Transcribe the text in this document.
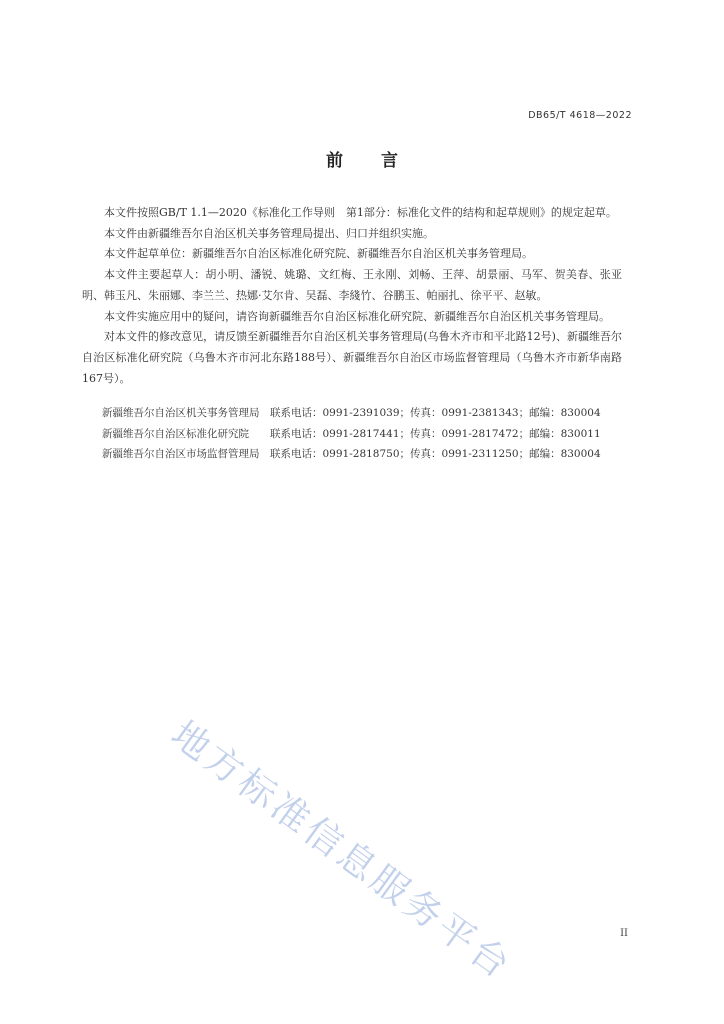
DB65/T 4618—2022
前言

本文件按照GB/T 1.1—2020《标准化工作导则　第1部分：标准化文件的结构和起草规则》的规定起草。

本文件由新疆维吾尔自治区机关事务管理局提出、归口并组织实施。

本文件起草单位：新疆维吾尔自治区标准化研究院、新疆维吾尔自治区机关事务管理局。

本文件主要起草人：胡小明、潘锐、姚璐、文红梅、王永刚、刘畅、王萍、胡景丽、马军、贺美春、张亚明、韩玉凡、朱丽娜、李兰兰、热娜·艾尔肯、吴磊、李綫竹、谷鹏玉、帕丽扎、徐平平、赵敏。

本文件实施应用中的疑问，请咨询新疆维吾尔自治区标准化研究院、新疆维吾尔自治区机关事务管理局。

对本文件的修改意见，请反馈至新疆维吾尔自治区机关事务管理局(乌鲁木齐市和平北路12号)、新疆维吾尔自治区标准化研究院（乌鲁木齐市河北东路188号）、新疆维吾尔自治区市场监督管理局（乌鲁木齐市新华南路167号）。

新疆维吾尔自治区机关事务管理局　联系电话：0991-2391039；传真：0991-2381343；邮编：830004
新疆维吾尔自治区标准化研究院　　联系电话：0991-2817441；传真：0991-2817472；邮编：830011
新疆维吾尔自治区市场监督管理局　联系电话：0991-2818750；传真：0991-2311250；邮编：830004
地方标准信息服务平台	II
